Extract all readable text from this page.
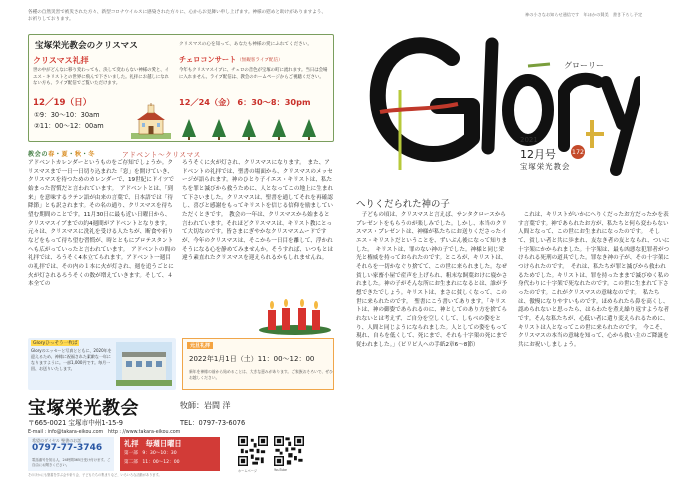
各種の自然災害で被災された方々、新型コロナウイルスに感染された方々に、心からお見舞い申し上げます。神様の慰めと助けがありますよう、お祈りしております。
宝塚栄光教会のクリスマス	クリスマスの心を知って、あなたも神様の愛にふれてください。
クリスマス礼拝
世の中がどんなに移り変わっても、決して変わらない神様の愛と、イエス・キリストとの世界に飛んで下さいました。礼拝にお越しになれない方も、ライブ配信でご覧いただけます。
12／19（日）
①9：30～10：30am
②11：00～12：00am
チェロコンサート （無観客ライブ配信）
今年もクリスマスイブに、チェロの音色が宝塚の町に流れます。当日は会場に入れません。ライブ配信は、教会のホームページからご視聴ください。
12／24（金） 6：30～8：30pm
教会の春・夏・秋・冬	アドベント～クリスマス
アドベントカレンダーというものをご存知でしょうか。クリスマスまで一日一日切り込まれた「窓」を開けていき、クリスマスを待つためのカレンダーで、19世紀にドイツで始まった習慣だと言われています。　アドベントとは、「到来」を意味するラテン語が由来の言葉で、日本語では「待降節」とも訳されます。その名の通り、クリスマスを待ち望む期間のことです。11月30日に最も近い日曜日から、クリスマスイブまでの約4週間がアドベントとなります。元々は、クリスマスに洗礼を受ける人たちが、断食や祈りなどをもって待ち望む習慣が、時とともにプロテスタントへも広がっていったと言われています。　アドベントの間の礼拝では、ろうそく4本立てられます。アドベント一週目の礼拝では、その内の１本に火が灯され、週を追うごとに火が灯されるろうそくの数が増えていきます。そして、４本全ての
ろうそくに火が灯され、クリスマスになります。　また、アドベントの礼拝では、聖書の場面から、クリスマスのメッセージが語られます。神のひとり子イエス・キリストは、私たちを罪と滅びから救うために、人となってこの地上に生まれて下さいました。クリスマスは、聖書を通してそれを再確認し、喜びと感謝をもってキリストを信じる信仰を励ましていただくときです。　教会の一年は、クリスマスから始まると言われています。それほどクリスマスは、キリスト教にとって大切なのです。皆さまにぎやかなクリスマスムードですが、今年のクリスマスは、そこから一日目を離して、浮かれそうになる心を静めてみませんか。そうすれば、いつもとは違う素直れたクリスマスを迎えられるかもしれませんね。
Gloryひっそう一枚ば
Gloryのエッセーと写真とともに、2020年を迎えるため、神様に祝福された素敵な一年になりますように。一部1,000円です。毎月一回、お送りいたします。
元旦礼拝
2022年1月1日（土）11：00～12：00
新年を神様の前から始めることは、大きな恵みがあります。ご家族おそろいで、ぜひお越しください。
宝塚栄光教会	牧師：岩間 洋
〒665-0021 宝塚市中州1-15-9	TEL：0797-73-6076
E-mail : info@takara-eikou.com　http : //www.takara-eikou.com
希望のダイヤル 聖書のお話
0797-77-3746
電話番号を知る人、24時間365日受け付けます。ご自由にお聞きください。
礼拝　毎週日曜日
第一部　9：30～10：30
第二部　11：00～12：00
ホームページ	YouTube
そのほかにも聖書を学ぶ会や祈り会、子どもたちの集まりなど、いろいろな活動があります。
神の小さなお知らせ通信です　年ほかの賛美　書き下ろし予定
グローリー
2021
12月号 172
宝塚栄光教会
へりくだられた神の子
　子どもの頃は、クリスマスと言えば、サンタクロースからプレゼントをもらうのが楽しみでした。しかし、本当のクリスマス・プレゼントは、神様が私たちにお送りくださったイエス・キリストだということを、ずいぶん後になって知りました。　キリストは、罪のない神の子でした。神様と同じ栄光と権威を持っておられたのです。ところが、キリストは、それらを一切かなぐり捨てて、この世に来られました。なぜ貧しい家畜小屋で産声を上げられ、粗末な飼葉おけに寝かされました。神の子がそんな所にお生まれになるとは、誰が予想できたでしょう。キリストは、まさに貧しくなって、この世に来られたのです。　聖書にこう書いてあります。「キリストは、神の御姿であられるのに、神としてのあり方を捨てられないとは考えず、ご自分を空しくして、しもべの姿をとり、人間と同じようになられました。人としての姿をもって現れ、自らを低くして、死にまで、それも十字架の死にまで従われました。」（ピリピ人への手紙2章6～8節）
　これは、キリストがいかにへりくだったお方だったかを表す言葉です。神であられたお方が、私たちと何ら変わらない人間となって、この世にお生まれになったのです。　そして、貧しい者と共に歩まれ、友なき者の友となられ、ついに十字架にかかられました。十字架は、最も凶悪な犯罪者がつけられる死刑の道具でした。罪なき神の子が、その十字架につけられたのです。　それは、私たちが罪と滅びから救われるためでした。キリストは、罪を持ったままで滅びゆく私の身代わりに十字架で死なれたのです。この世に生まれて下さったのです。これがクリスマスの意味なのです。　私たちは、傲慢になりやすいものです。ほめられたら鼻を高くし、認められないと思ったら、はらわたを煮え繰り返すような者です。そんな私たちが、心低い者に遣り変えられるために、キリストは人となってこの世に来られたのです。　今こそ、クリスマスの本当の意味を知って、心から救い主のご降誕を共にお祝いしましょう。
